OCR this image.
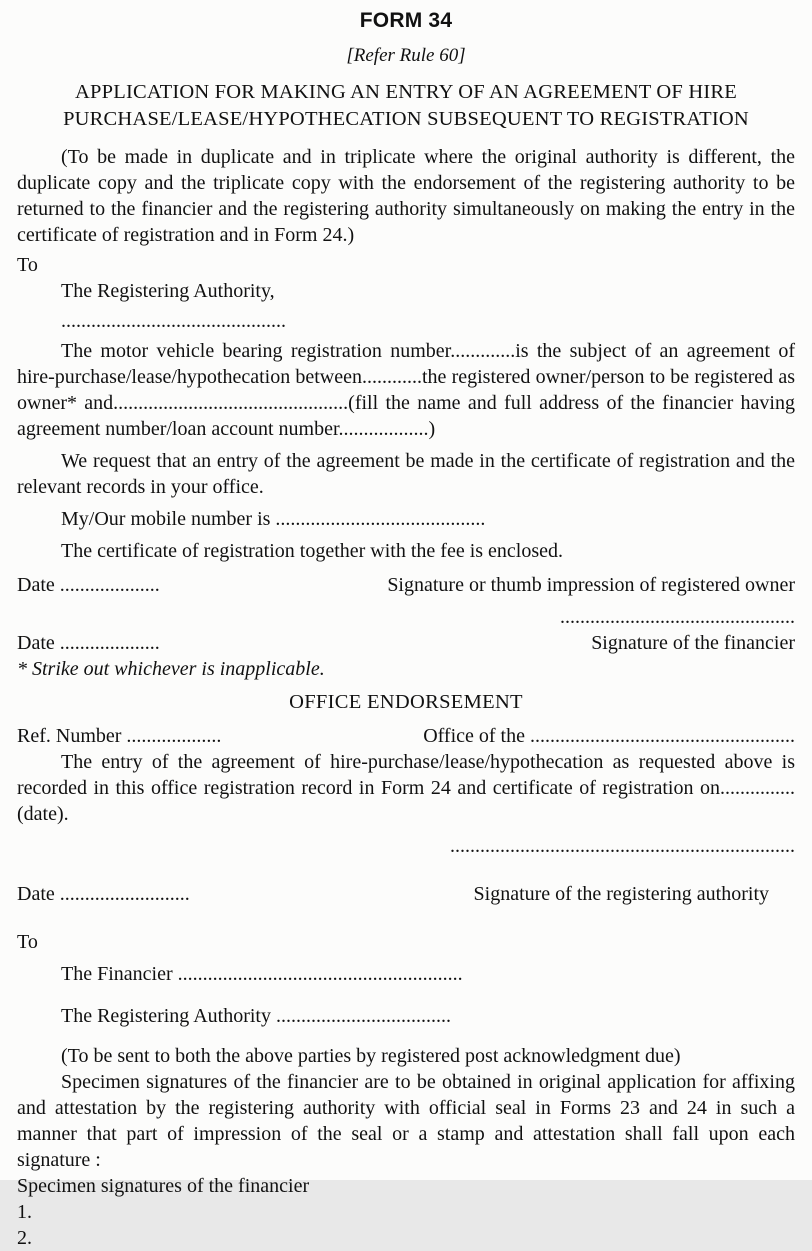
FORM 34
[Refer Rule 60]
APPLICATION FOR MAKING AN ENTRY OF AN AGREEMENT OF HIRE
PURCHASE/LEASE/HYPOTHECATION SUBSEQUENT TO REGISTRATION
(To be made in duplicate and in triplicate where the original authority is different, the duplicate copy and the triplicate copy with the endorsement of the registering authority to be returned to the financier and the registering authority simultaneously on making the entry in the certificate of registration and in Form 24.)
To
The Registering Authority,
.............................................
The motor vehicle bearing registration number.............is the subject of an agreement of hire-purchase/lease/hypothecation between............the registered owner/person to be registered as owner* and...............................................(fill the name and full address of the financier having agreement number/loan account number..................)
We request that an entry of the agreement be made in the certificate of registration and the relevant records in your office.
My/Our mobile number is ..........................................
The certificate of registration together with the fee is enclosed.
Date ....................	Signature or thumb impression of registered owner
...............................................
Date ....................	Signature of the financier
* Strike out whichever is inapplicable.
OFFICE ENDORSEMENT
Ref. Number ...................	Office of the .....................................................
The entry of the agreement of hire-purchase/lease/hypothecation as requested above is recorded in this office registration record in Form 24 and certificate of registration on...............(date).
.....................................................................
Date ..........................	Signature of the registering authority
To
The Financier .........................................................
The Registering Authority ...................................
(To be sent to both the above parties by registered post acknowledgment due)
Specimen signatures of the financier are to be obtained in original application for affixing and attestation by the registering authority with official seal in Forms 23 and 24 in such a manner that part of impression of the seal or a stamp and attestation shall fall upon each signature :
Specimen signatures of the financier
1.
2.
